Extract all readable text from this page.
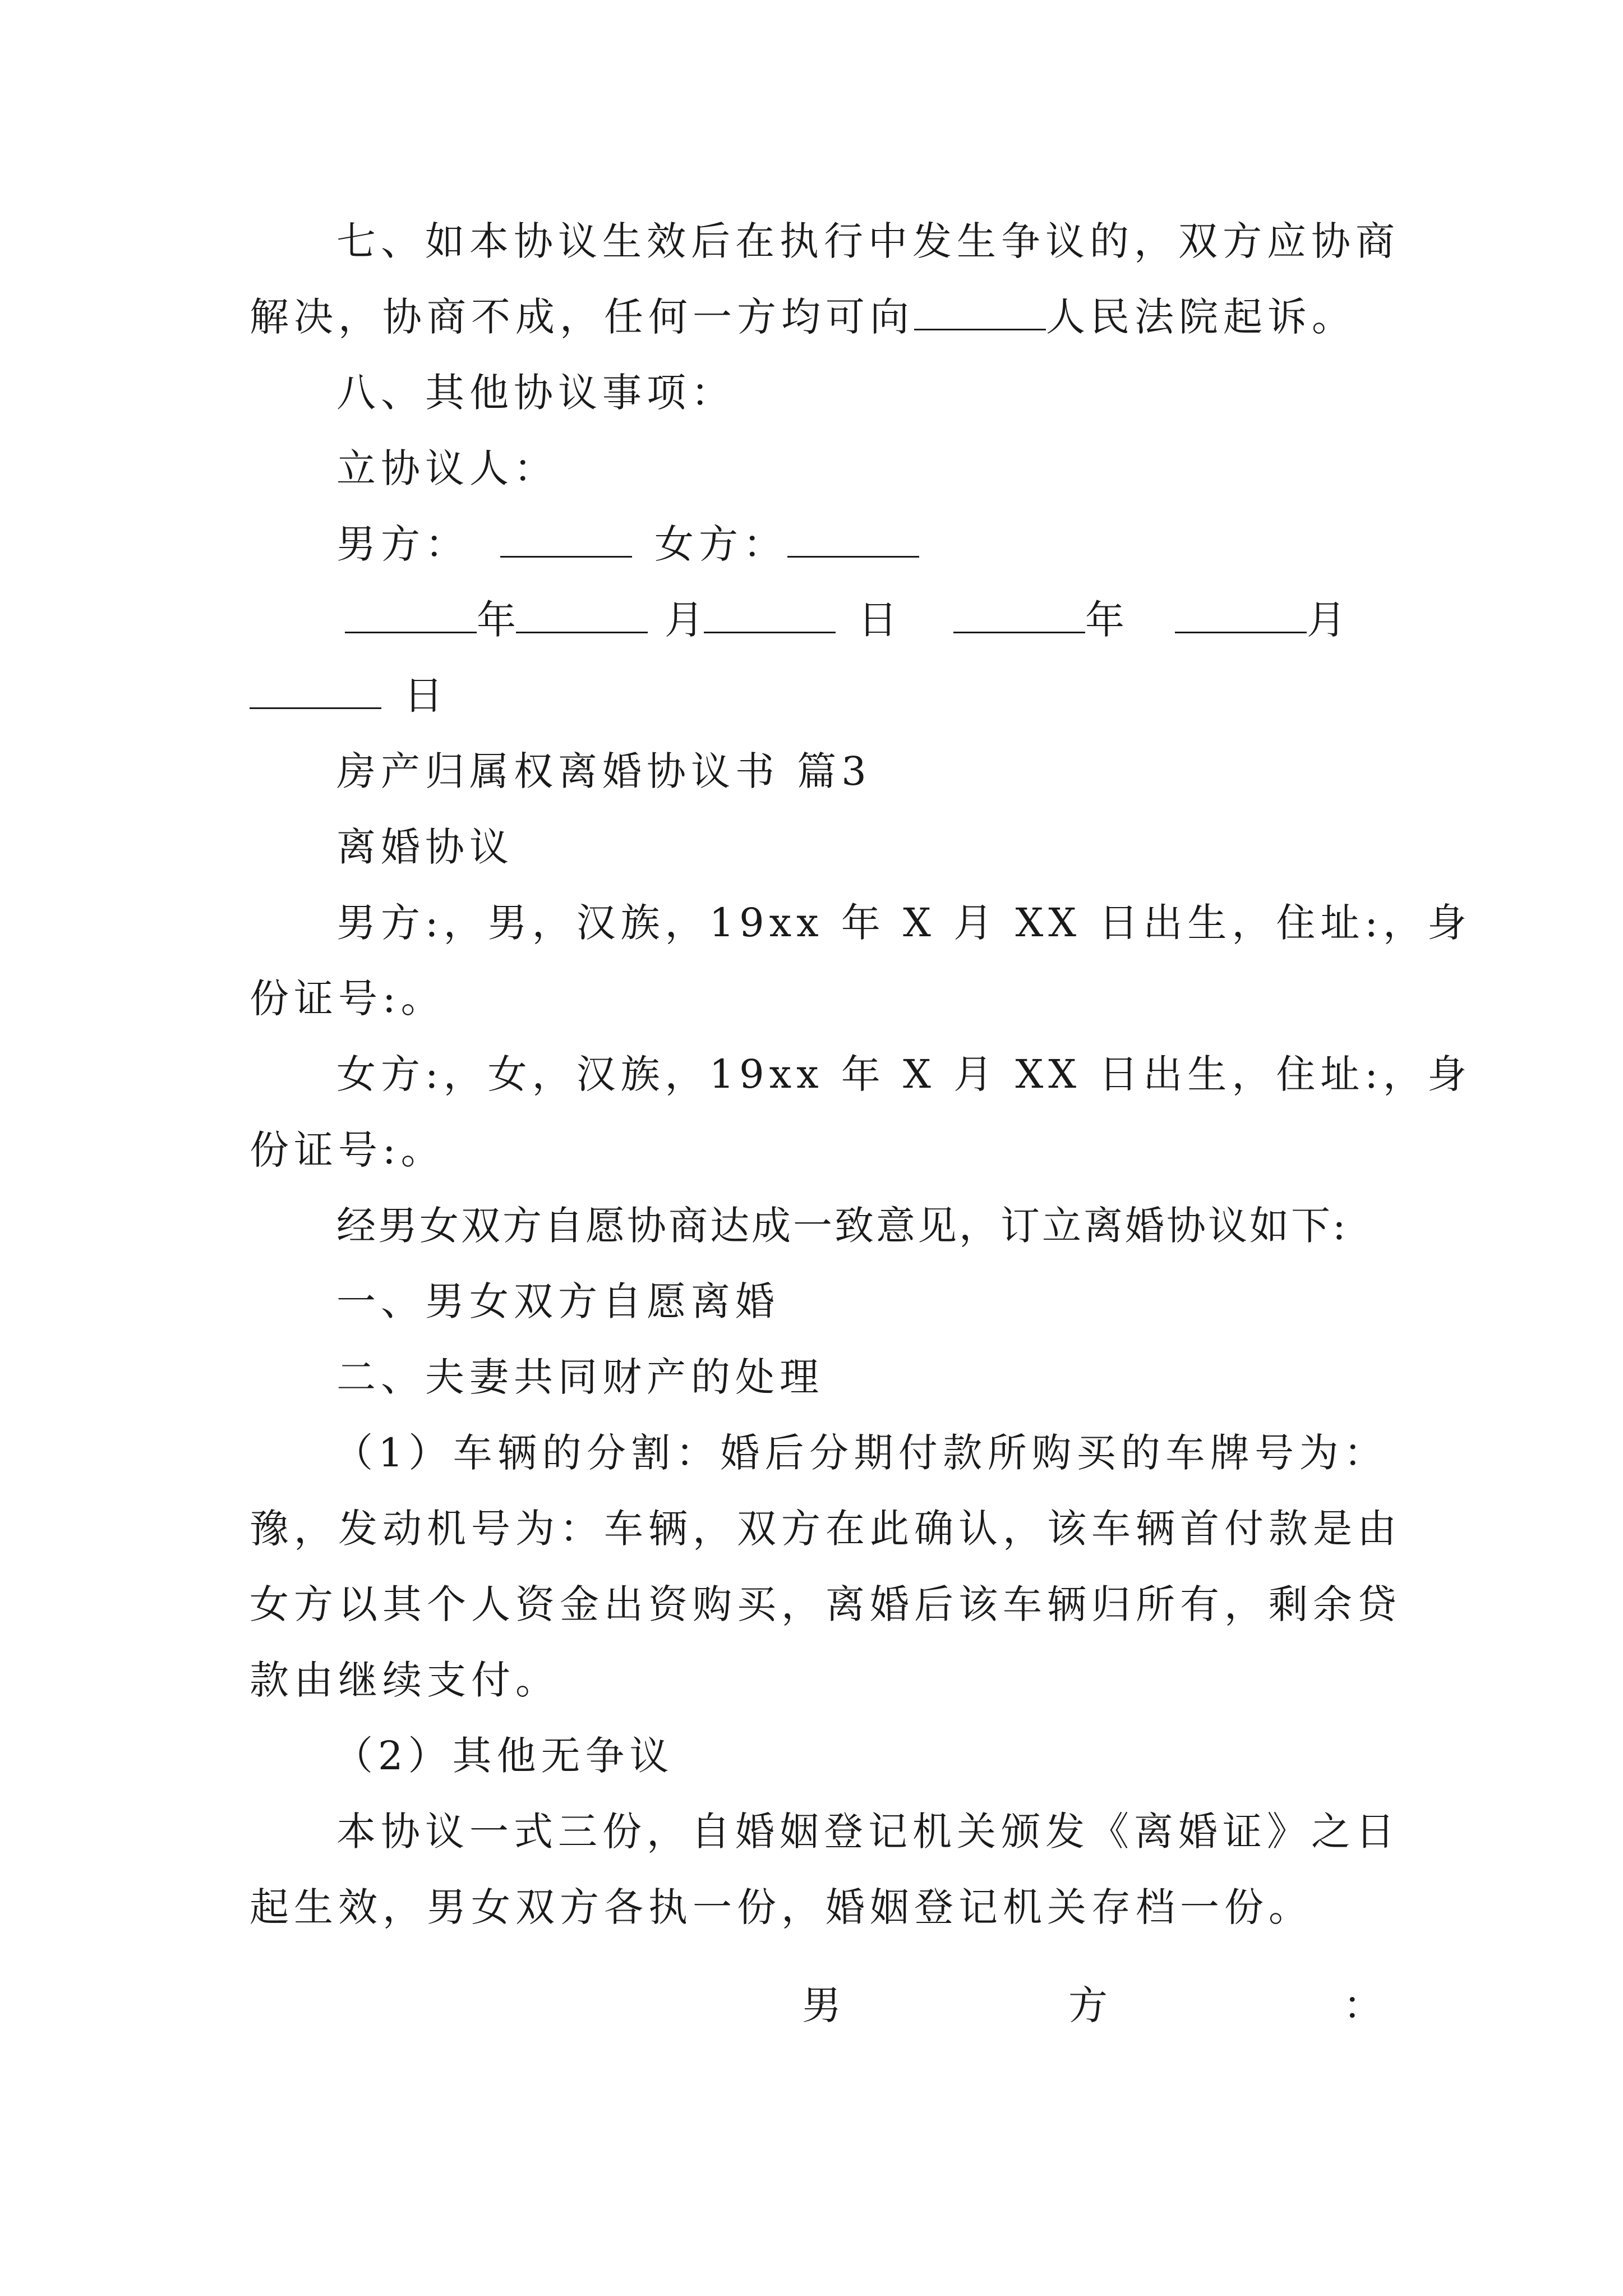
七、如本协议生效后在执行中发生争议的，双方应协商
解决，协商不成，任何一方均可向	人民法院起诉。
八、其他协议事项：
立协议人：
男方：	女方：
年	月	日	年	月
日
房产归属权离婚协议书 篇3
离婚协议
男方:，男，汉族，19xx 年 X 月 XX 日出生，住址:，身
份证号:。
女方:，女，汉族，19xx 年 X 月 XX 日出生，住址:，身
份证号:。
经男女双方自愿协商达成一致意见，订立离婚协议如下:
一、男女双方自愿离婚
二、夫妻共同财产的处理
（1）车辆的分割：婚后分期付款所购买的车牌号为：
豫，发动机号为：车辆，双方在此确认，该车辆首付款是由
女方以其个人资金出资购买，离婚后该车辆归所有，剩余贷
款由继续支付。
（2）其他无争议
本协议一式三份，自婚姻登记机关颁发《离婚证》之日
起生效，男女双方各执一份，婚姻登记机关存档一份。
男	方	：
